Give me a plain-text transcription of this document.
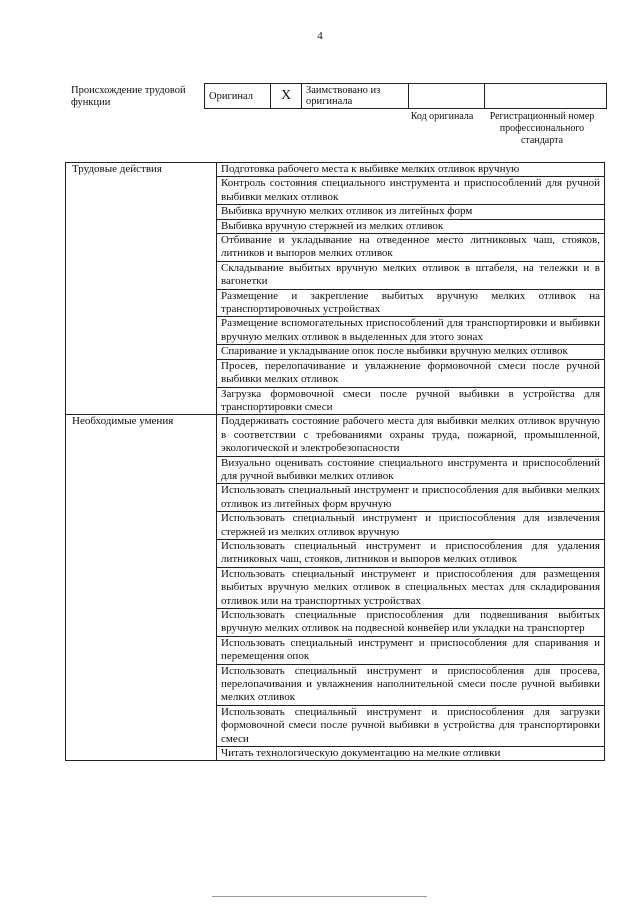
4
Происхождение трудовой функции
Оригинал	X	Заимствовано из оригинала		
Код оригинала	Регистрационный номер профессионального стандарта
Трудовые действия	Подготовка рабочего места к выбивке мелких отливок вручную
	Контроль состояния специального инструмента и приспособлений для ручной выбивки мелких отливок
	Выбивка вручную мелких отливок из литейных форм
	Выбивка вручную стержней из мелких отливок
	Отбивание и укладывание на отведенное место литниковых чаш, стояков, литников и выпоров мелких отливок
	Складывание выбитых вручную мелких отливок в штабеля, на тележки и в вагонетки
	Размещение и закрепление выбитых вручную мелких отливок на транспортировочных устройствах
	Размещение вспомогательных приспособлений для транспортировки и выбивки вручную мелких отливок в выделенных для этого зонах
	Спаривание и укладывание опок после выбивки вручную мелких отливок
	Просев, перелопачивание и увлажнение формовочной смеси после ручной выбивки мелких отливок
	Загрузка формовочной смеси после ручной выбивки в устройства для транспортировки смеси
Необходимые умения	Поддерживать состояние рабочего места для выбивки мелких отливок вручную в соответствии с требованиями охраны труда, пожарной, промышленной, экологической и электробезопасности
	Визуально оценивать состояние специального инструмента и приспособлений для ручной выбивки мелких отливок
	Использовать специальный инструмент и приспособления для выбивки мелких отливок из литейных форм вручную
	Использовать специальный инструмент и приспособления для извлечения стержней из мелких отливок вручную
	Использовать специальный инструмент и приспособления для удаления литниковых чаш, стояков, литников и выпоров мелких отливок
	Использовать специальный инструмент и приспособления для размещения выбитых вручную мелких отливок в специальных местах для складирования отливок или на транспортных устройствах
	Использовать специальные приспособления для подвешивания выбитых вручную мелких отливок на подвесной конвейер или укладки на транспортер
	Использовать специальный инструмент и приспособления для спаривания и перемещения опок
	Использовать специальный инструмент и приспособления для просева, перелопачивания и увлажнения наполнительной смеси после ручной выбивки мелких отливок
	Использовать специальный инструмент и приспособления для загрузки формовочной смеси после ручной выбивки в устройства для транспортировки смеси
	Читать технологическую документацию на мелкие отливки
